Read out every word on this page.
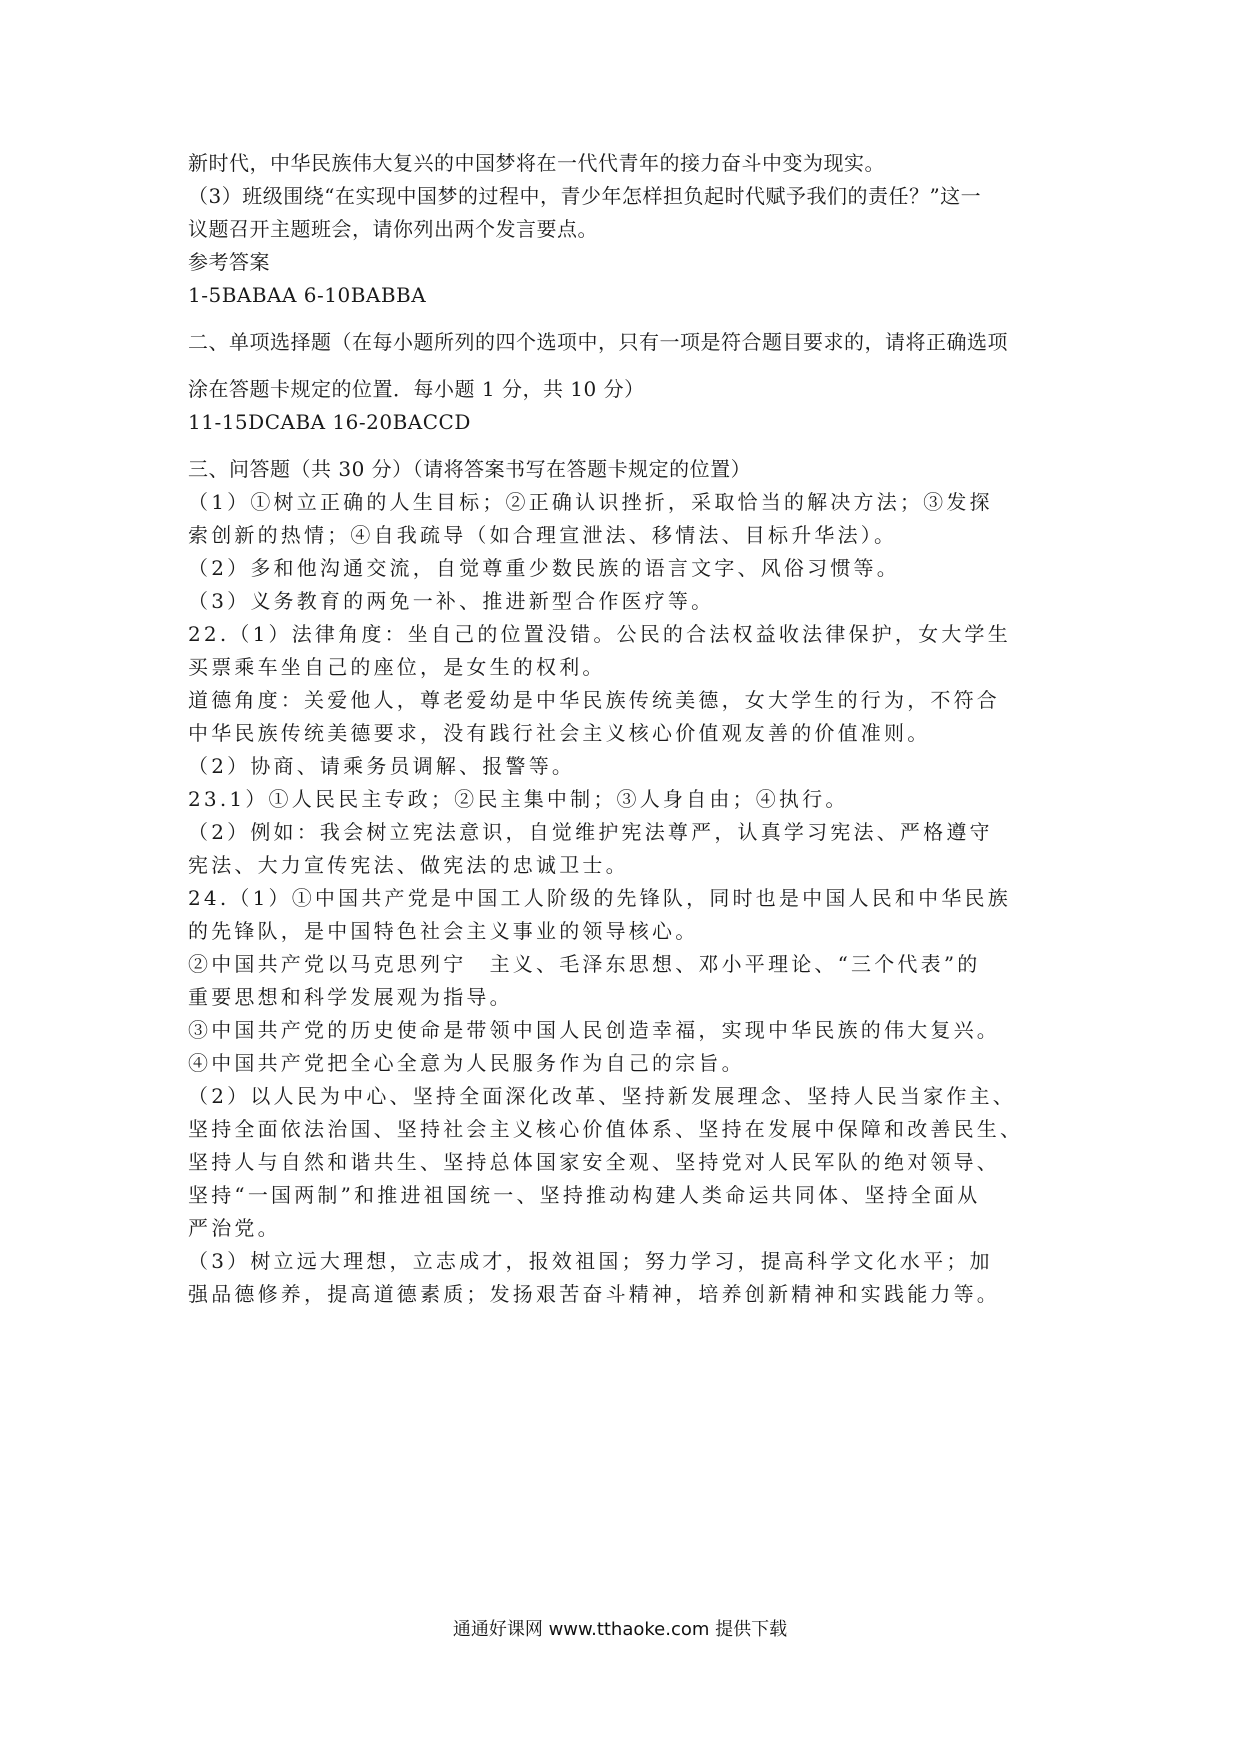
新时代，中华民族伟大复兴的中国梦将在一代代青年的接力奋斗中变为现实。
（3）班级围绕“在实现中国梦的过程中，青少年怎样担负起时代赋予我们的责任？”这一
议题召开主题班会，请你列出两个发言要点。
参考答案
1-5BABAA 6-10BABBA
二、单项选择题（在每小题所列的四个选项中，只有一项是符合题目要求的，请将正确选项
涂在答题卡规定的位置．每小题 1 分，共 10 分）
11-15DCABA 16-20BACCD
三、问答题（共 30 分）（请将答案书写在答题卡规定的位置）
（1）①树立正确的人生目标；②正确认识挫折，采取恰当的解决方法；③发探
索创新的热情；④自我疏导（如合理宣泄法、移情法、目标升华法）。
（2）多和他沟通交流，自觉尊重少数民族的语言文字、风俗习惯等。
（3）义务教育的两免一补、推进新型合作医疗等。
22.（1）法律角度：坐自己的位置没错。公民的合法权益收法律保护，女大学生
买票乘车坐自己的座位，是女生的权利。
道德角度：关爱他人，尊老爱幼是中华民族传统美德，女大学生的行为，不符合
中华民族传统美德要求，没有践行社会主义核心价值观友善的价值准则。
（2）协商、请乘务员调解、报警等。
23.1）①人民民主专政；②民主集中制；③人身自由；④执行。
（2）例如：我会树立宪法意识，自觉维护宪法尊严，认真学习宪法、严格遵守
宪法、大力宣传宪法、做宪法的忠诚卫士。
24.（1）①中国共产党是中国工人阶级的先锋队，同时也是中国人民和中华民族
的先锋队，是中国特色社会主义事业的领导核心。
②中国共产党以马克思列宁　主义、毛泽东思想、邓小平理论、“三个代表”的
重要思想和科学发展观为指导。
③中国共产党的历史使命是带领中国人民创造幸福，实现中华民族的伟大复兴。
④中国共产党把全心全意为人民服务作为自己的宗旨。
（2）以人民为中心、坚持全面深化改革、坚持新发展理念、坚持人民当家作主、
坚持全面依法治国、坚持社会主义核心价值体系、坚持在发展中保障和改善民生、
坚持人与自然和谐共生、坚持总体国家安全观、坚持党对人民军队的绝对领导、
坚持“一国两制”和推进祖国统一、坚持推动构建人类命运共同体、坚持全面从
严治党。
（3）树立远大理想，立志成才，报效祖国；努力学习，提高科学文化水平；加
强品德修养，提高道德素质；发扬艰苦奋斗精神，培养创新精神和实践能力等。
通通好课网 www.tthaoke.com 提供下载
